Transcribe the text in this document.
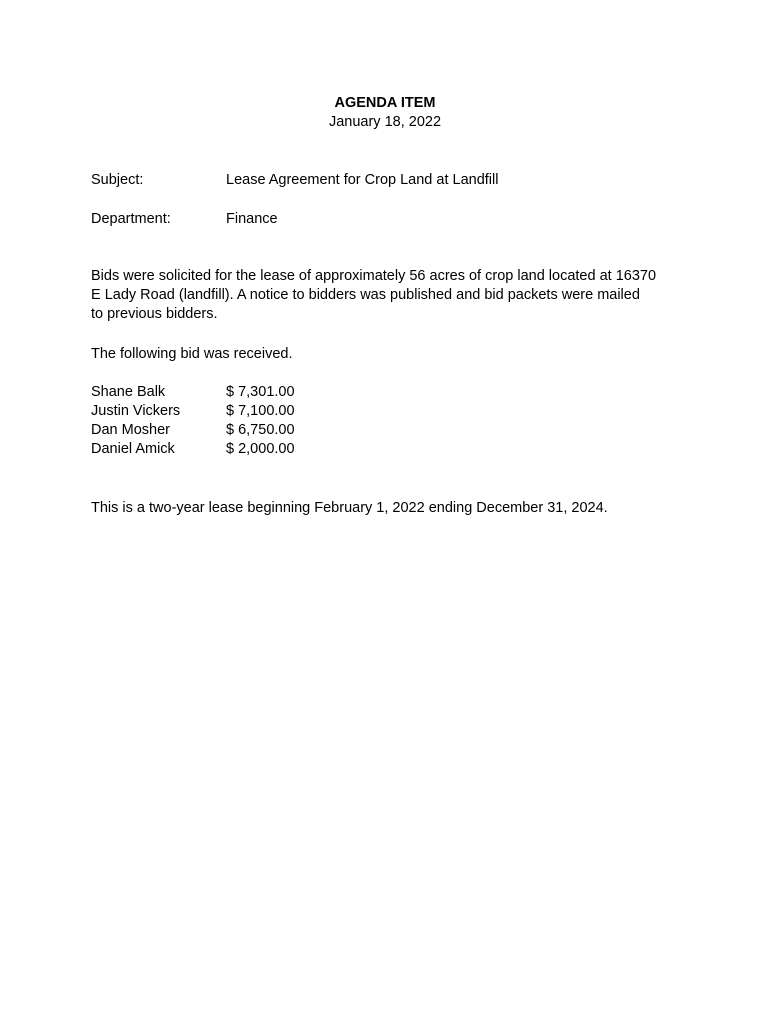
AGENDA ITEM
January 18, 2022
Subject:	Lease Agreement for Crop Land at Landfill
Department:	Finance
Bids were solicited for the lease of approximately 56 acres of crop land located at 16370
E Lady Road (landfill). A notice to bidders was published and bid packets were mailed
to previous bidders.
The following bid was received.
Shane Balk	$ 7,301.00
Justin Vickers	$ 7,100.00
Dan Mosher	$ 6,750.00
Daniel Amick	$ 2,000.00
This is a two-year lease beginning February 1, 2022 ending December 31, 2024.
